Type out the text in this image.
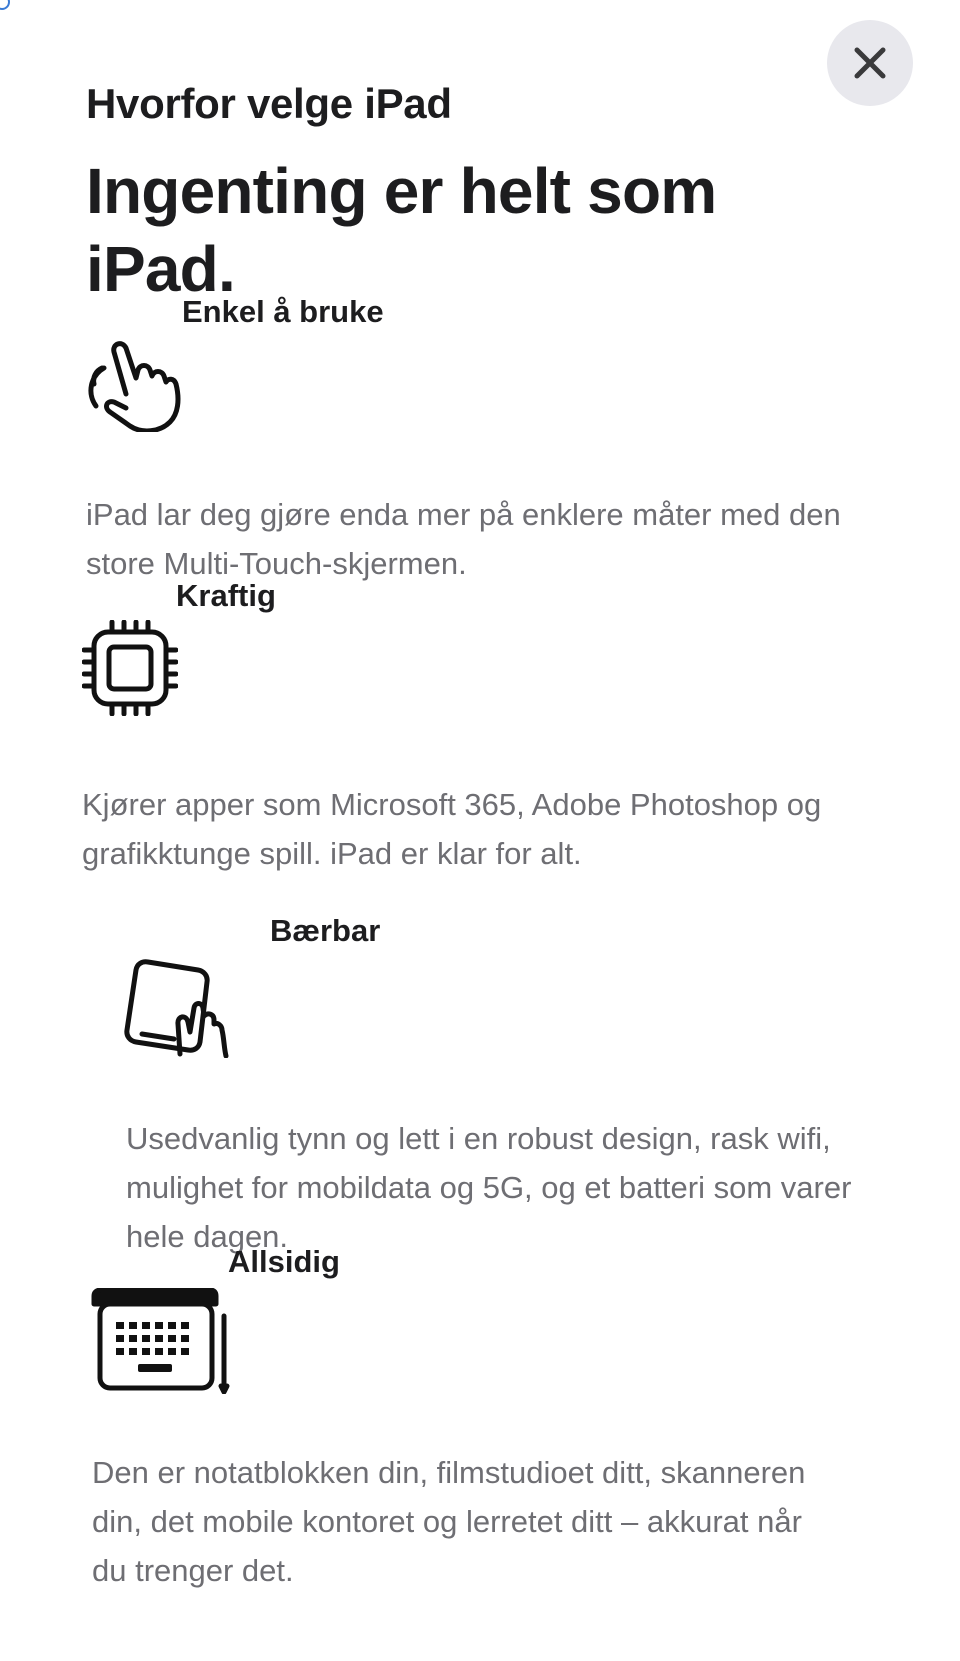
Hvorfor velge iPad
Ingenting er helt som iPad.
Enkel å bruke

iPad lar deg gjøre enda mer på enklere måter med den store Multi-Touch-skjermen.

Kraftig

Kjører apper som Microsoft 365, Adobe Photoshop og grafikktunge spill. iPad er klar for alt.

Bærbar

Usedvanlig tynn og lett i en robust design, rask wifi, mulighet for mobildata og 5G, og et batteri som varer hele dagen.

Allsidig

Den er notatblokken din, filmstudioet ditt, skanneren din, det mobile kontoret og lerretet ditt – akkurat når du trenger det.
